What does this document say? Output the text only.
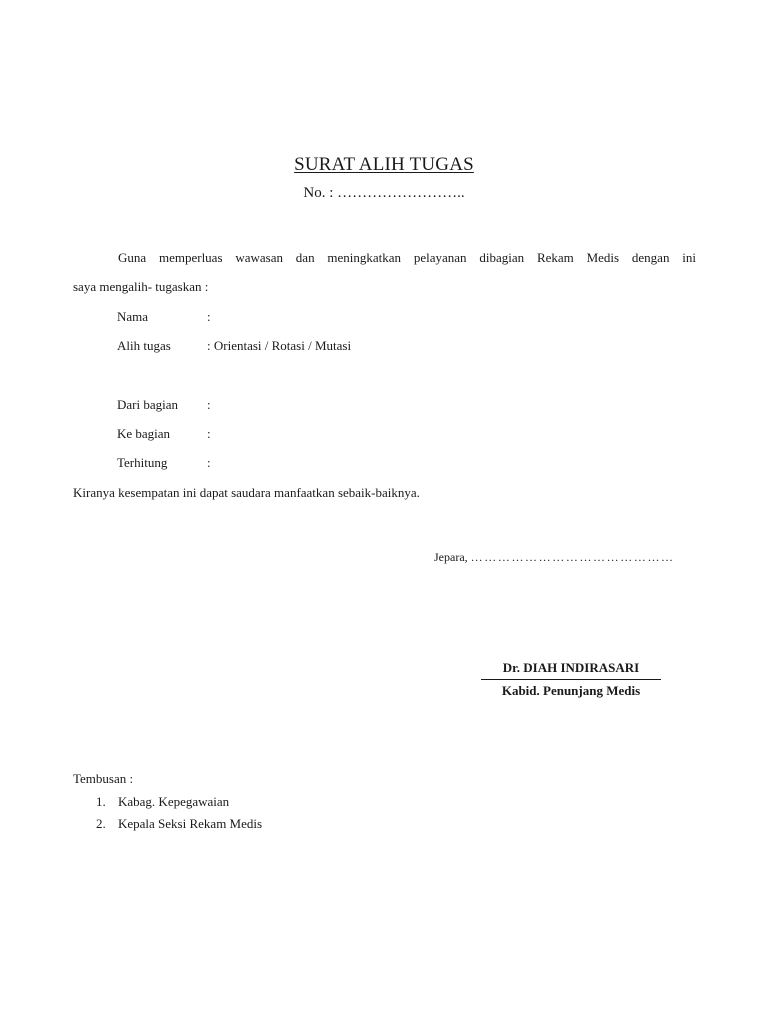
SURAT ALIH TUGAS
No. : ……………………..
Guna memperluas wawasan dan meningkatkan pelayanan dibagian Rekam Medis dengan ini
saya mengalih- tugaskan :
Nama	:
Alih tugas	: Orientasi / Rotasi / Mutasi
Dari bagian :
Ke bagian	:
Terhitung	:
Kiranya kesempatan ini dapat saudara manfaatkan sebaik-baiknya.
Jepara, ………………………………………
Dr. DIAH INDIRASARI
Kabid. Penunjang Medis
Tembusan :
1. Kabag. Kepegawaian
2. Kepala Seksi Rekam Medis
